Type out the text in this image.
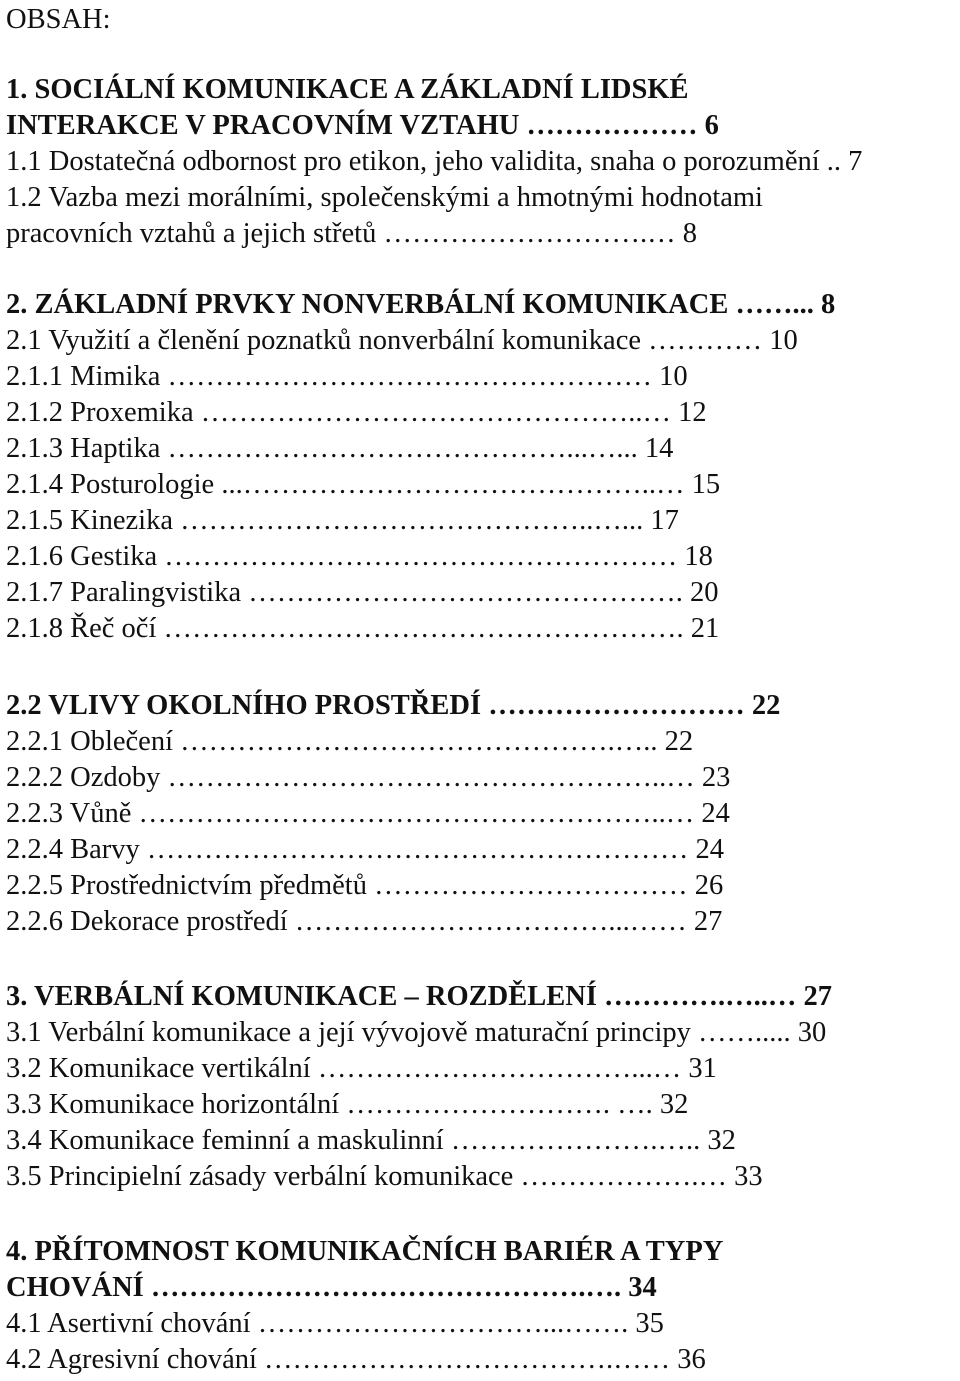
OBSAH:
1. SOCIÁLNÍ KOMUNIKACE A ZÁKLADNÍ LIDSKÉ
INTERAKCE V PRACOVNÍM VZTAHU ……………… 6
1.1 Dostatečná odbornost pro etikon, jeho validita, snaha o porozumění .. 7
1.2 Vazba mezi morálními, společenskými a hmotnými hodnotami
pracovních vztahů a jejich střetů ……………………….… 8
2. ZÁKLADNÍ PRVKY NONVERBÁLNÍ KOMUNIKACE ……... 8
2.1 Využití a členění poznatků nonverbální komunikace ………… 10
2.1.1 Mimika …………………………………………… 10
2.1.2 Proxemika ………………………………………..… 12
2.1.3 Haptika ……………………………………...…... 14
2.1.4 Posturologie ...……………………………………..… 15
2.1.5 Kinezika ……………………………………..…... 17
2.1.6 Gestika ……………………………………………… 18
2.1.7 Paralingvistika ………………………………………. 20
2.1.8 Řeč očí ………………………………………………. 21
2.2 VLIVY OKOLNÍHO PROSTŘEDÍ ……………………… 22
2.2.1 Oblečení ……………………………………….….. 22
2.2.2 Ozdoby ……………………………………………..… 23
2.2.3 Vůně ………………………………………………..… 24
2.2.4 Barvy ………………………………………………… 24
2.2.5 Prostřednictvím předmětů …………………………… 26
2.2.6 Dekorace prostředí ……………………………...…… 27
3. VERBÁLNÍ KOMUNIKACE – ROZDĚLENÍ ………….…..… 27
3.1 Verbální komunikace a její vývojově maturační principy ……..... 30
3.2 Komunikace vertikální ……………………………...… 31
3.3 Komunikace horizontální ………………………. …. 32
3.4 Komunikace feminní a maskulinní ………………….….. 32
3.5 Principielní zásady verbální komunikace ……………….… 33
4. PŘÍTOMNOST KOMUNIKAČNÍCH BARIÉR A TYPY
CHOVÁNÍ ……………………………………….…. 34
4.1 Asertivní chování …………………………...……. 35
4.2 Agresivní chování ……………………………….…… 36
